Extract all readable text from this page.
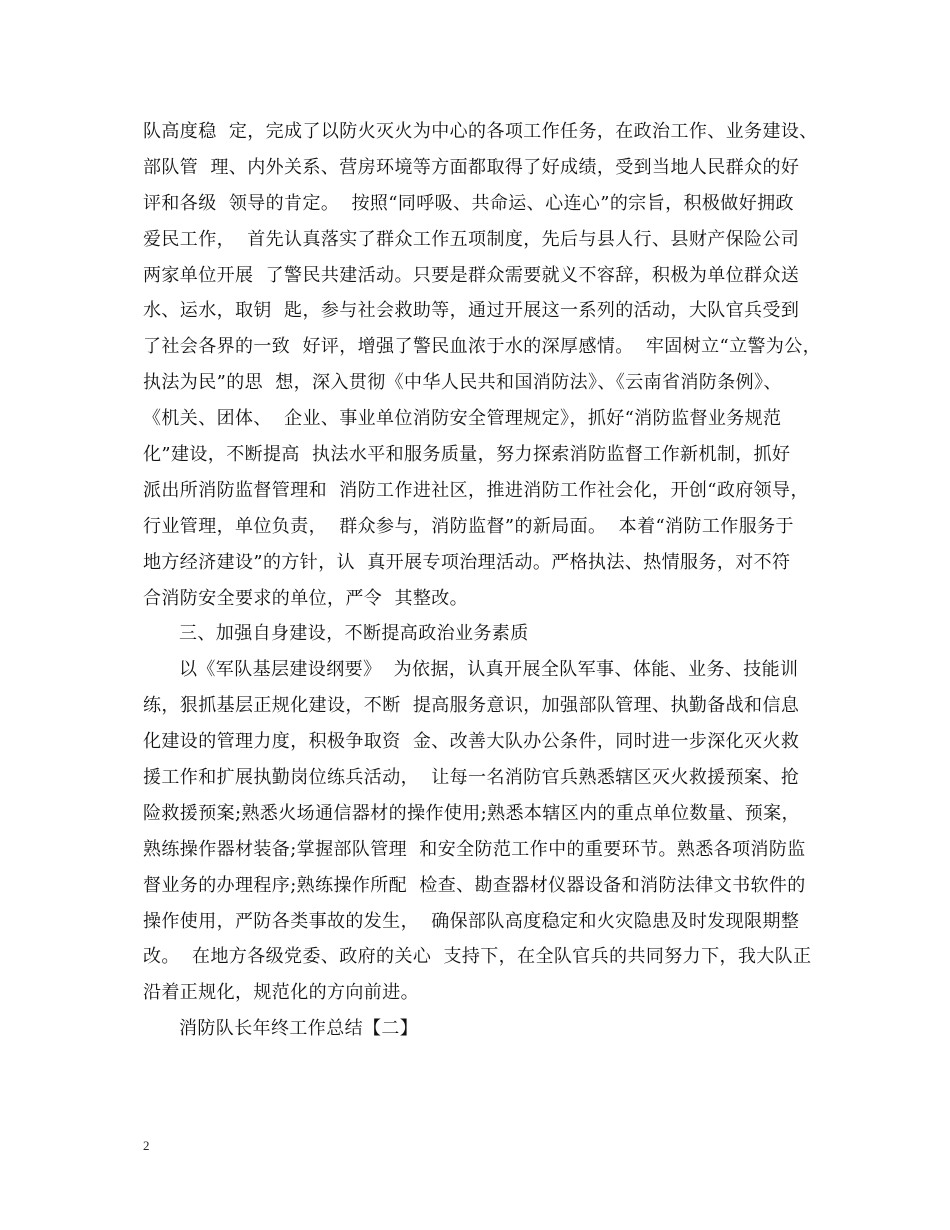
队高度稳  定，完成了以防火灭火为中心的各项工作任务，在政治工作、业务建设、
部队管  理、内外关系、营房环境等方面都取得了好成绩，受到当地人民群众的好
评和各级  领导的肯定。  按照“同呼吸、共命运、心连心”的宗旨，积极做好拥政
爱民工作，  首先认真落实了群众工作五项制度，先后与县人行、县财产保险公司
两家单位开展  了警民共建活动。只要是群众需要就义不容辞，积极为单位群众送
水、运水，取钥  匙，参与社会救助等，通过开展这一系列的活动，大队官兵受到
了社会各界的一致  好评，增强了警民血浓于水的深厚感情。  牢固树立“立警为公，
执法为民”的思  想，深入贯彻《中华人民共和国消防法》、《云南省消防条例》、
《机关、团体、  企业、事业单位消防安全管理规定》，抓好“消防监督业务规范
化”建设，不断提高  执法水平和服务质量，努力探索消防监督工作新机制，抓好
派出所消防监督管理和  消防工作进社区，推进消防工作社会化，开创“政府领导，
行业管理，单位负责，  群众参与，消防监督”的新局面。  本着“消防工作服务于
地方经济建设”的方针，认  真开展专项治理活动。严格执法、热情服务，对不符
合消防安全要求的单位，严令  其整改。
三、加强自身建设，不断提高政治业务素质
以《军队基层建设纲要》  为依据，认真开展全队军事、体能、业务、技能训
练，狠抓基层正规化建设，不断  提高服务意识，加强部队管理、执勤备战和信息
化建设的管理力度，积极争取资  金、改善大队办公条件，同时进一步深化灭火救
援工作和扩展执勤岗位练兵活动，  让每一名消防官兵熟悉辖区灭火救援预案、抢
险救援预案;熟悉火场通信器材的操作使用;熟悉本辖区内的重点单位数量、预案，
熟练操作器材装备;掌握部队管理  和安全防范工作中的重要环节。熟悉各项消防监
督业务的办理程序;熟练操作所配  检查、勘查器材仪器设备和消防法律文书软件的
操作使用，严防各类事故的发生，  确保部队高度稳定和火灾隐患及时发现限期整
改。  在地方各级党委、政府的关心  支持下，在全队官兵的共同努力下，我大队正
沿着正规化，规范化的方向前进。
消防队长年终工作总结【二】
2
